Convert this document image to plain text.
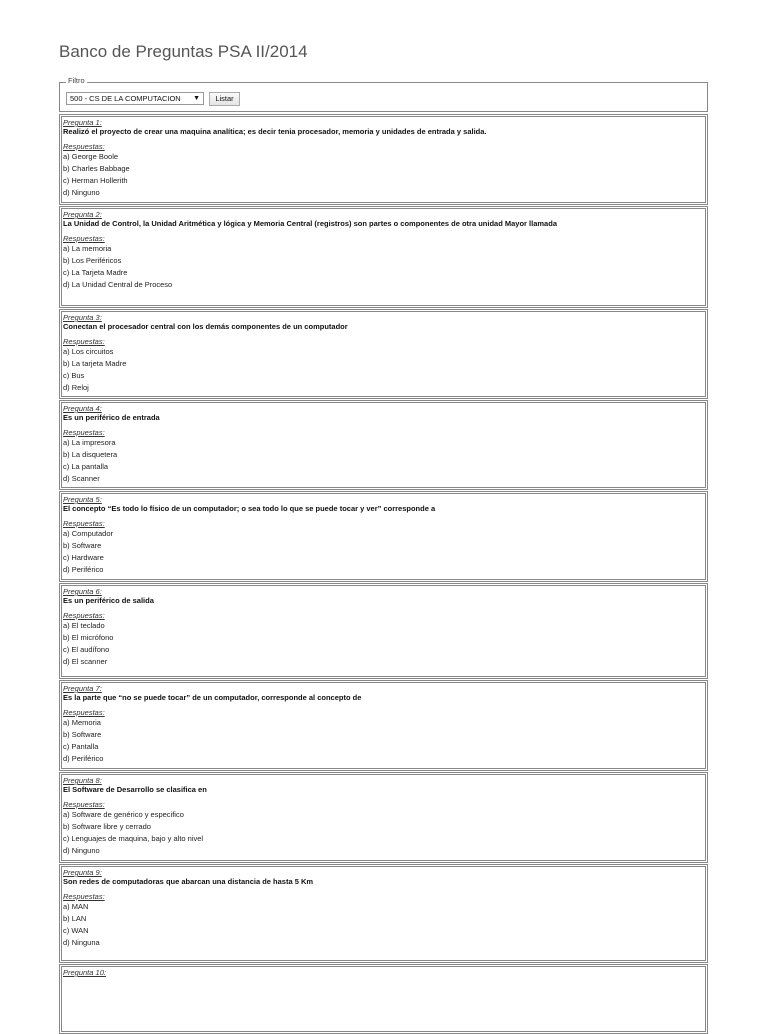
Banco de Preguntas PSA II/2014
Filtro
500 - CS DE LA COMPUTACION ▼	Listar
Pregunta 1:
Realizó el proyecto de crear una maquina analítica; es decir tenia procesador, memoria y unidades de entrada y salida.
Respuestas:
a) George Boole
b) Charles Babbage
c) Herman Hollerith
d) Ninguno
Pregunta 2:
La Unidad de Control, la Unidad Aritmética y lógica y Memoria Central (registros) son partes o componentes de otra unidad Mayor llamada
Respuestas:
a) La memoria
b) Los Periféricos
c) La Tarjeta Madre
d) La Unidad Central de Proceso
Pregunta 3:
Conectan el procesador central con los demás componentes de un computador
Respuestas:
a) Los circuitos
b) La tarjeta Madre
c) Bus
d) Reloj
Pregunta 4:
Es un periférico de entrada
Respuestas:
a) La impresora
b) La disquetera
c) La pantalla
d) Scanner
Pregunta 5:
El concepto “Es todo lo físico de un computador; o sea todo lo que se puede tocar y ver” corresponde a
Respuestas:
a) Computador
b) Software
c) Hardware
d) Periférico
Pregunta 6:
Es un periférico de salida
Respuestas:
a) El teclado
b) El micrófono
c) El audífono
d) El scanner
Pregunta 7:
Es la parte que “no se puede tocar” de un computador, corresponde al concepto de
Respuestas:
a) Memoria
b) Software
c) Pantalla
d) Periférico
Pregunta 8:
El Software de Desarrollo se clasifica en
Respuestas:
a) Software de genérico y especifico
b) Software libre y cerrado
c) Lenguajes de maquina, bajo y alto nivel
d) Ninguno
Pregunta 9:
Son redes de computadoras que abarcan una distancia de hasta 5 Km
Respuestas:
a) MAN
b) LAN
c) WAN
d) Ninguna
Pregunta 10:
